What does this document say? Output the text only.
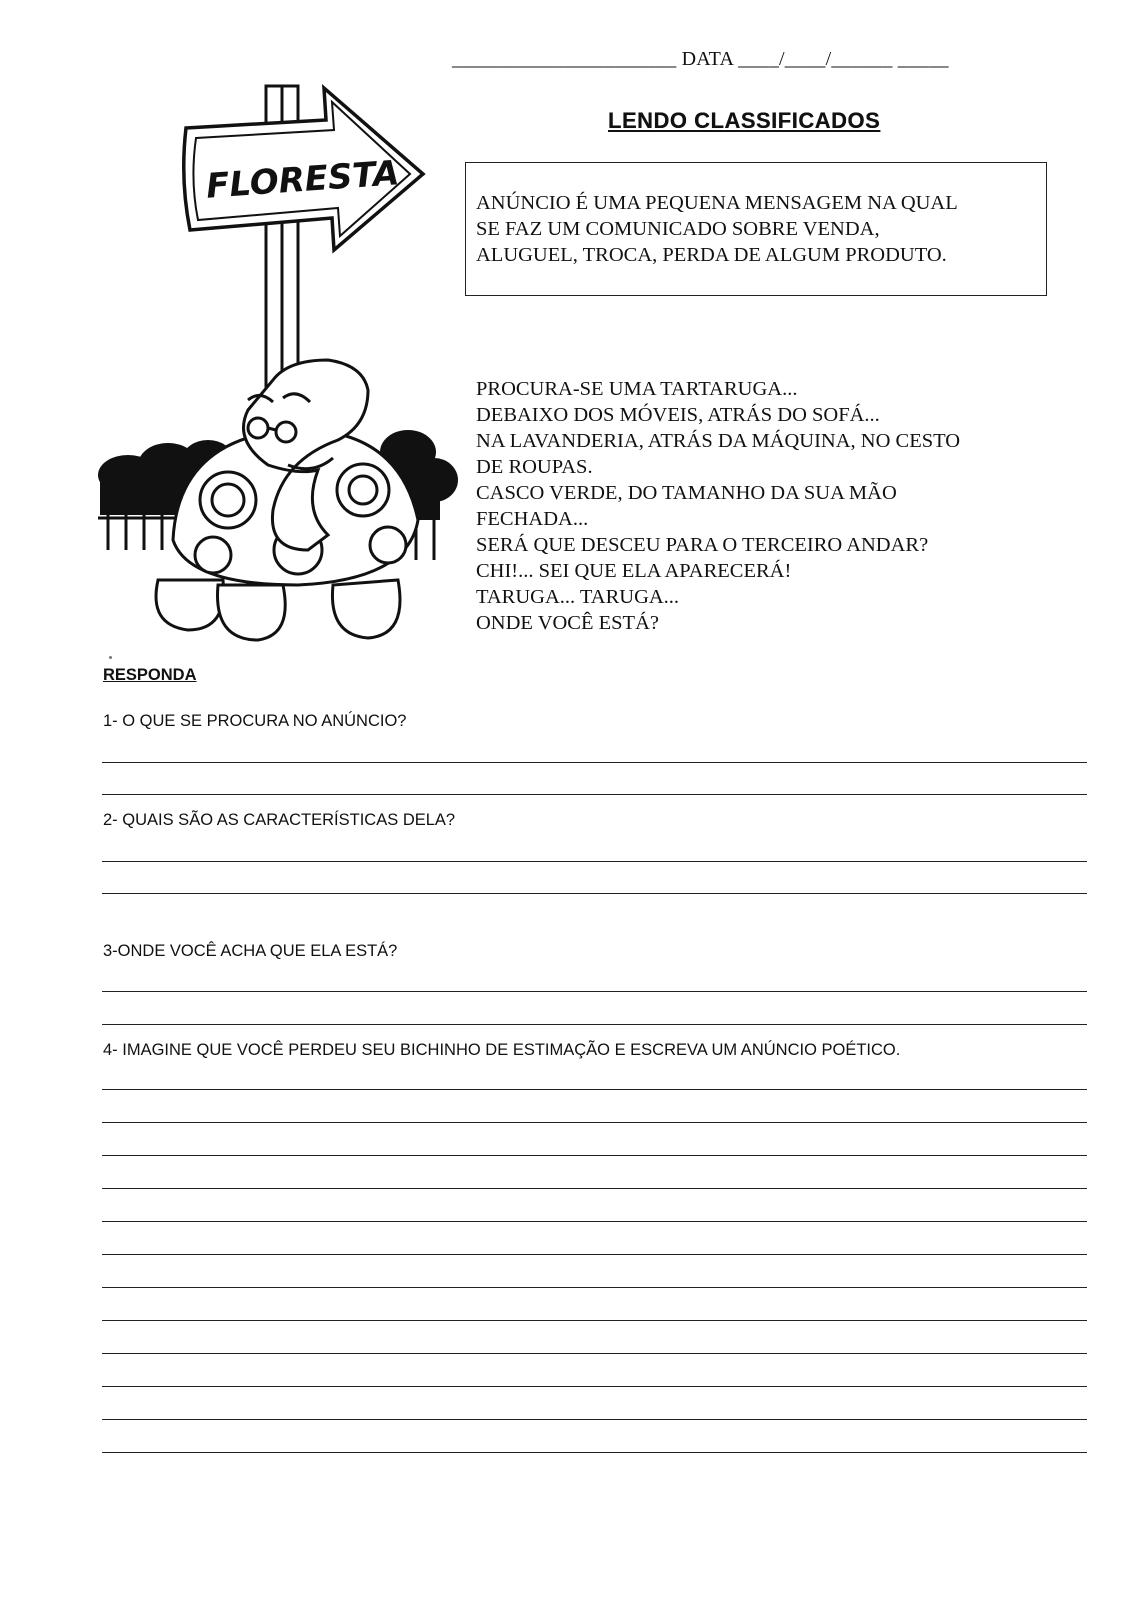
______________________ DATA ____/____/______ _____
LENDO CLASSIFICADOS
ANÚNCIO É UMA PEQUENA MENSAGEM NA QUAL
SE FAZ UM COMUNICADO SOBRE VENDA,
ALUGUEL, TROCA, PERDA DE ALGUM PRODUTO.
FLORESTA
PROCURA-SE UMA TARTARUGA...
DEBAIXO DOS MÓVEIS, ATRÁS DO SOFÁ...
NA LAVANDERIA, ATRÁS DA MÁQUINA, NO CESTO
DE ROUPAS.
CASCO VERDE, DO TAMANHO DA SUA MÃO
FECHADA...
SERÁ QUE DESCEU PARA O TERCEIRO ANDAR?
CHI!... SEI QUE ELA APARECERÁ!
TARUGA... TARUGA...
ONDE VOCÊ ESTÁ?
RESPONDA
1- O QUE SE PROCURA NO ANÚNCIO?
2- QUAIS SÃO AS CARACTERÍSTICAS DELA?
3-ONDE VOCÊ ACHA QUE ELA ESTÁ?
4- IMAGINE QUE VOCÊ PERDEU SEU BICHINHO DE ESTIMAÇÃO E ESCREVA UM ANÚNCIO POÉTICO.
